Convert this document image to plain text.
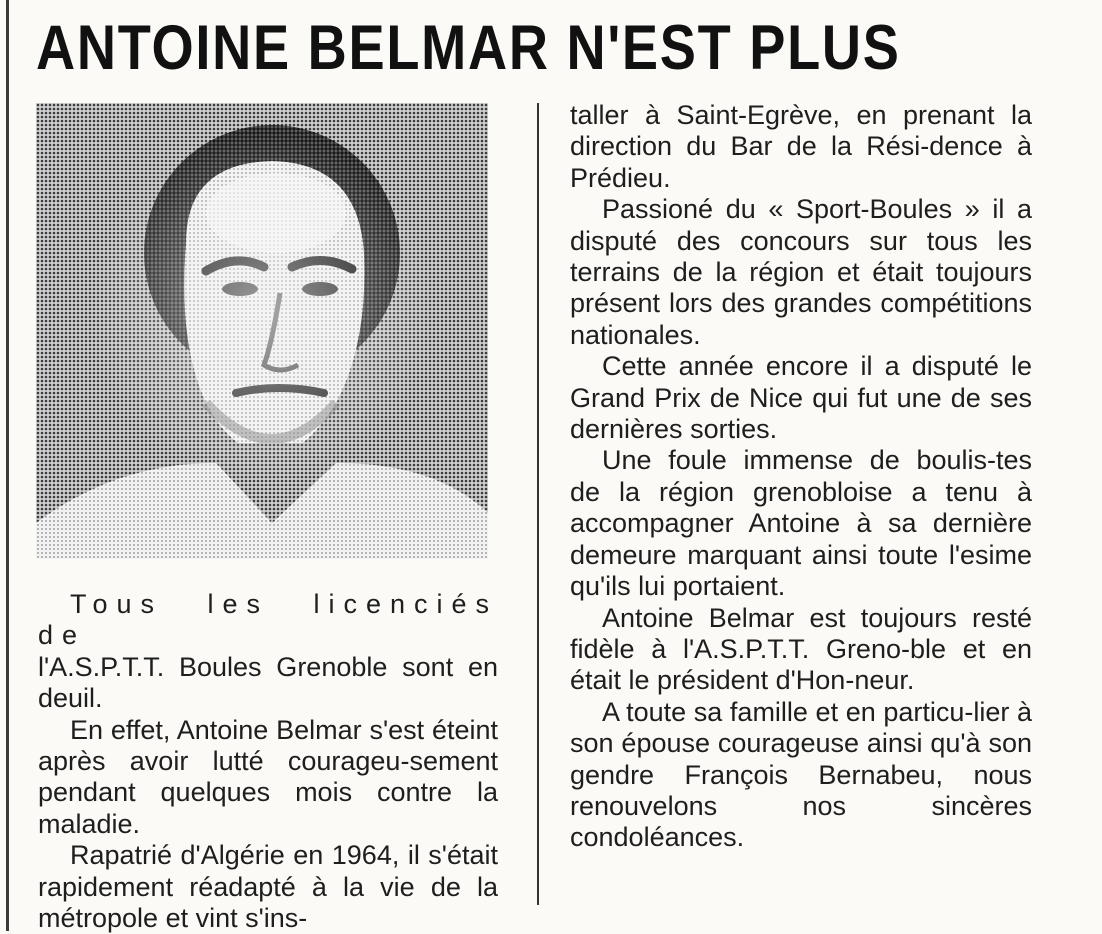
ANTOINE BELMAR N'EST PLUS

Tous les licenciés de

l'A.S.P.T.T. Boules Grenoble sont en deuil.

En effet, Antoine Belmar s'est éteint après avoir lutté courageu-sement pendant quelques mois contre la maladie.

Rapatrié d'Algérie en 1964, il s'était rapidement réadapté à la vie de la métropole et vint s'ins-

taller à Saint-Egrève, en prenant la direction du Bar de la Rési-dence à Prédieu.

Passioné du « Sport-Boules » il a disputé des concours sur tous les terrains de la région et était toujours présent lors des grandes compétitions nationales.

Cette année encore il a disputé le Grand Prix de Nice qui fut une de ses dernières sorties.

Une foule immense de boulis-tes de la région grenobloise a tenu à accompagner Antoine à sa dernière demeure marquant ainsi toute l'esime qu'ils lui portaient.

Antoine Belmar est toujours resté fidèle à l'A.S.P.T.T. Greno-ble et en était le président d'Hon-neur.

A toute sa famille et en particu-lier à son épouse courageuse ainsi qu'à son gendre François Bernabeu, nous renouvelons nos sincères condoléances.
